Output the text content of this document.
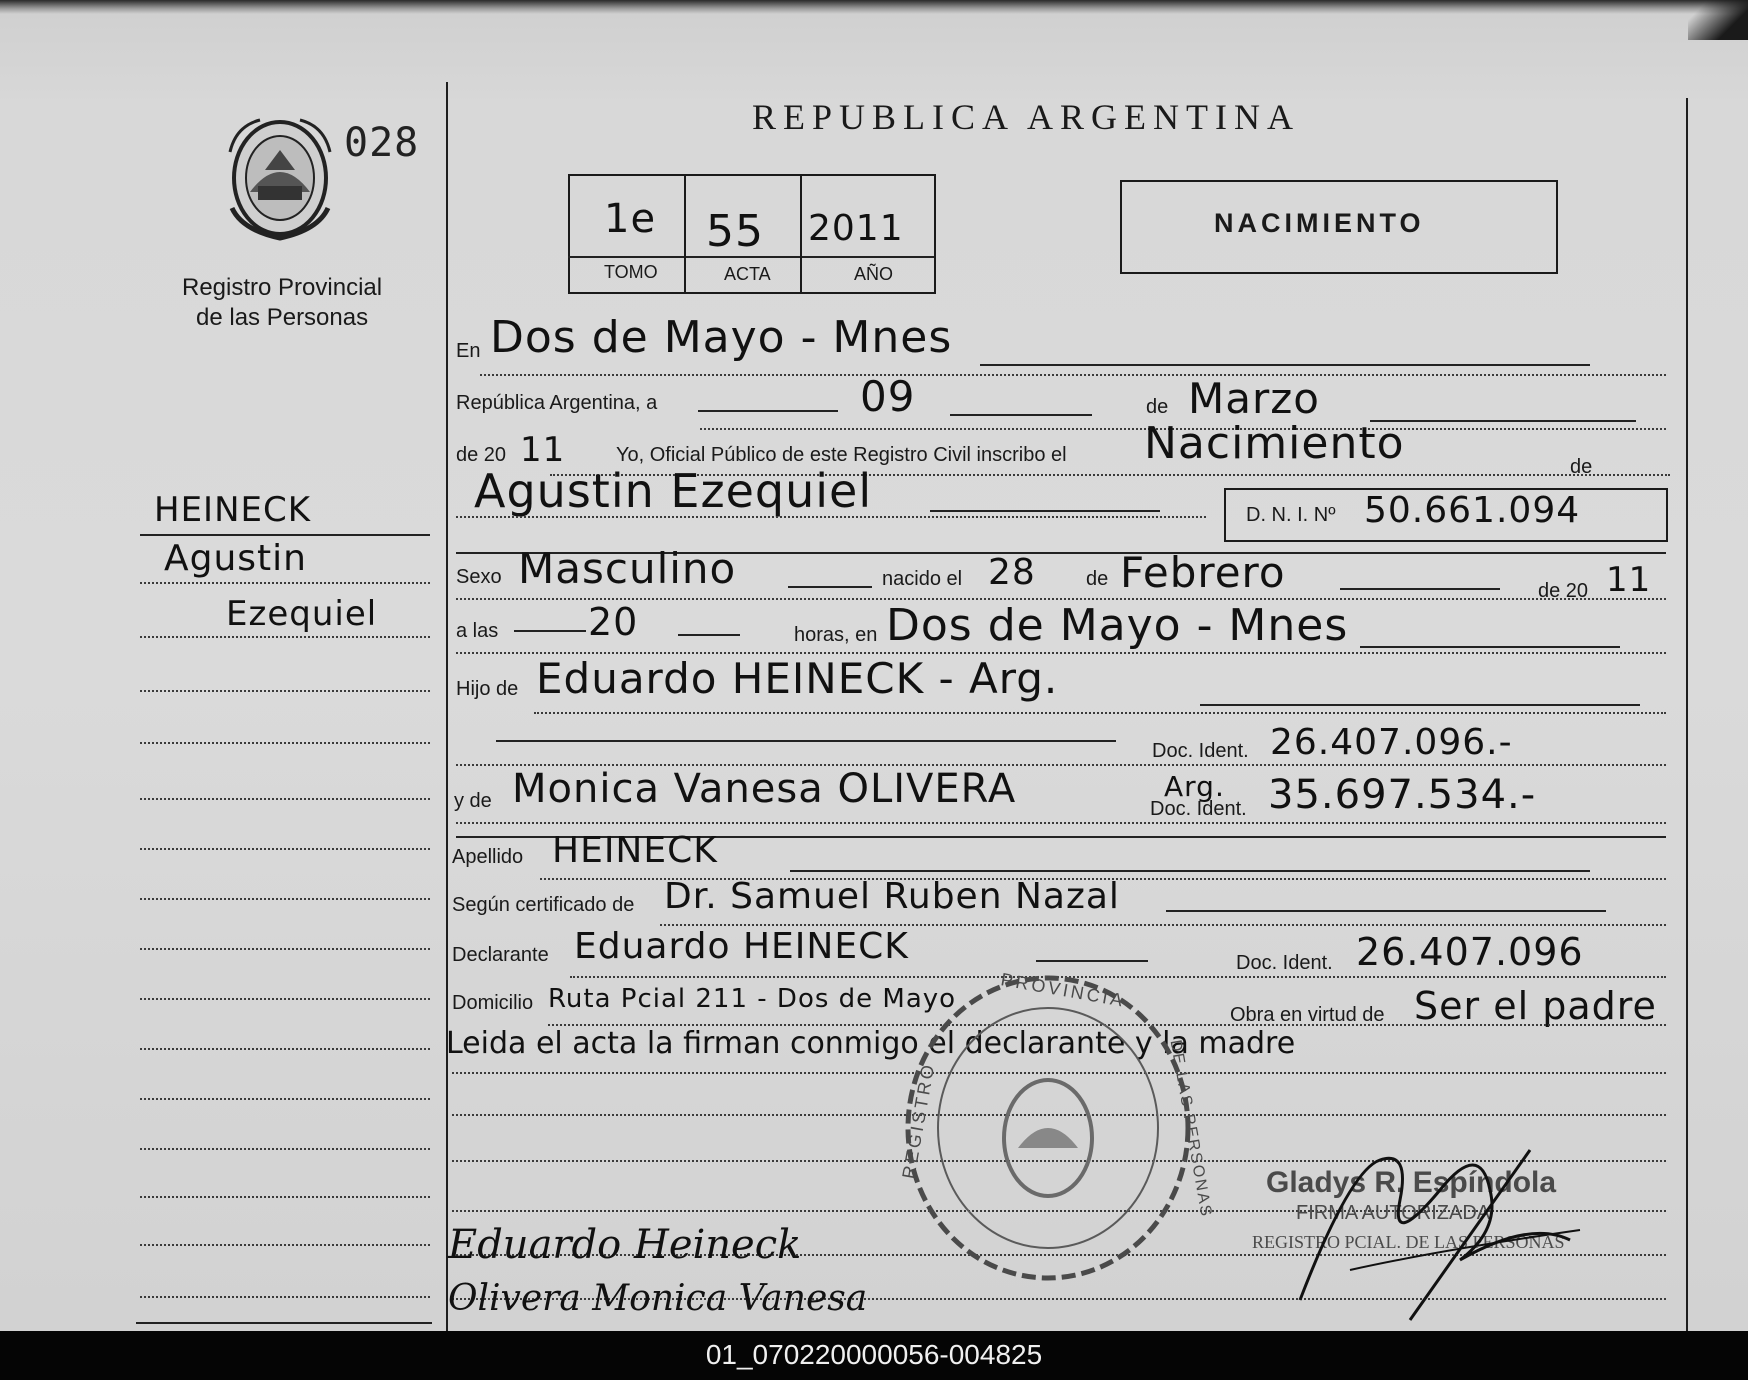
028
Registro Provincial
de las Personas
HEINECK
Agustin
Ezequiel
REPUBLICA ARGENTINA
1e 55 2011
TOMO	ACTA	AÑO
NACIMIENTO
En Dos de Mayo - Mnes
República Argentina, a	09	de Marzo
de 20 11	Yo, Oficial Público de este Registro Civil inscribo el Nacimiento	de
Agustin Ezequiel	D. N. I. Nº 50.661.094
Sexo Masculino	nacido el 28	de Febrero	de 20 11
a las 20	horas, en Dos de Mayo - Mnes
Hijo de Eduardo HEINECK - Arg.
Doc. Ident. 26.407.096.-
y de Monica Vanesa OLIVERA	Arg.
Doc. Ident. 35.697.534.-
Apellido HEINECK
Según certificado de Dr. Samuel Ruben Nazal
Declarante Eduardo HEINECK	Doc. Ident. 26.407.096
Domicilio Ruta Pcial 211 - Dos de Mayo
Obra en virtud de Ser el padre
Leida el acta la firman conmigo el declarante y la madre
PROVINCIA
REGISTRO	DE LAS PERSONAS Gladys R. Espíndola
FIRMA AUTORIZADA
REGISTRO PCIAL. DE LAS PERSONAS
Eduardo Heineck
Olivera Monica Vanesa
01_070220000056-004825
